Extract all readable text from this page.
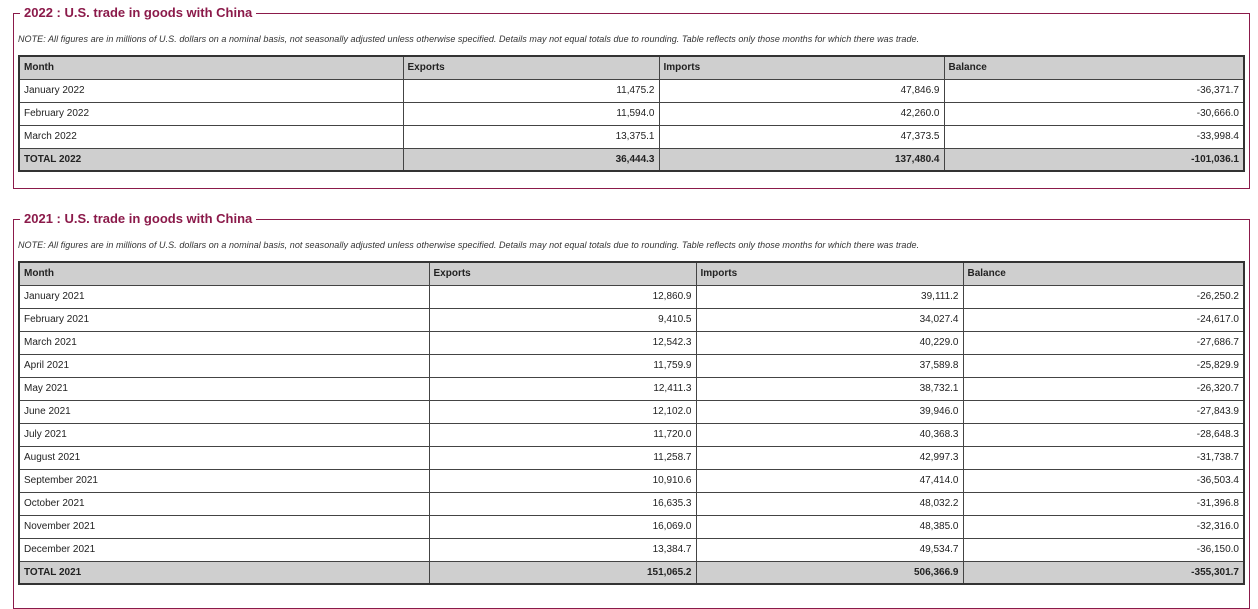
2022 : U.S. trade in goods with China
NOTE: All figures are in millions of U.S. dollars on a nominal basis, not seasonally adjusted unless otherwise specified. Details may not equal totals due to rounding. Table reflects only those months for which there was trade.
Month	Exports	Imports	Balance
January 2022	11,475.2	47,846.9	-36,371.7
February 2022	11,594.0	42,260.0	-30,666.0
March 2022	13,375.1	47,373.5	-33,998.4
TOTAL 2022	36,444.3	137,480.4	-101,036.1
2021 : U.S. trade in goods with China
NOTE: All figures are in millions of U.S. dollars on a nominal basis, not seasonally adjusted unless otherwise specified. Details may not equal totals due to rounding. Table reflects only those months for which there was trade.
Month	Exports	Imports	Balance
January 2021	12,860.9	39,111.2	-26,250.2
February 2021	9,410.5	34,027.4	-24,617.0
March 2021	12,542.3	40,229.0	-27,686.7
April 2021	11,759.9	37,589.8	-25,829.9
May 2021	12,411.3	38,732.1	-26,320.7
June 2021	12,102.0	39,946.0	-27,843.9
July 2021	11,720.0	40,368.3	-28,648.3
August 2021	11,258.7	42,997.3	-31,738.7
September 2021	10,910.6	47,414.0	-36,503.4
October 2021	16,635.3	48,032.2	-31,396.8
November 2021	16,069.0	48,385.0	-32,316.0
December 2021	13,384.7	49,534.7	-36,150.0
TOTAL 2021	151,065.2	506,366.9	-355,301.7
